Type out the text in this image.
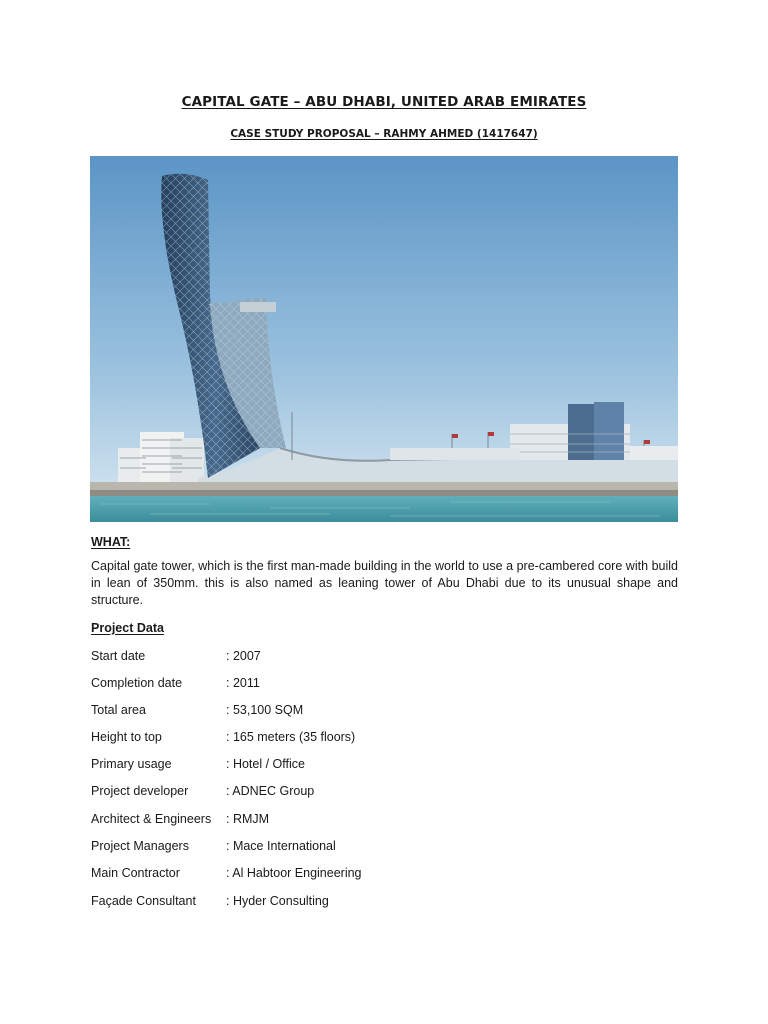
CAPITAL GATE – ABU DHABI, UNITED ARAB EMIRATES
CASE STUDY PROPOSAL – RAHMY AHMED (1417647)
WHAT:
Capital gate tower, which is the first man-made building in the world to use a pre-cambered core with build in lean of 350mm. this is also named as leaning tower of Abu Dhabi due to its unusual shape and structure.
Project Data
Start date	: 2007
Completion date	: 2011
Total area	: 53,100 SQM
Height to top	: 165 meters (35 floors)
Primary usage	: Hotel / Office
Project developer	: ADNEC Group
Architect & Engineers : RMJM
Project Managers	: Mace International
Main Contractor	: Al Habtoor Engineering
Façade Consultant : Hyder Consulting
